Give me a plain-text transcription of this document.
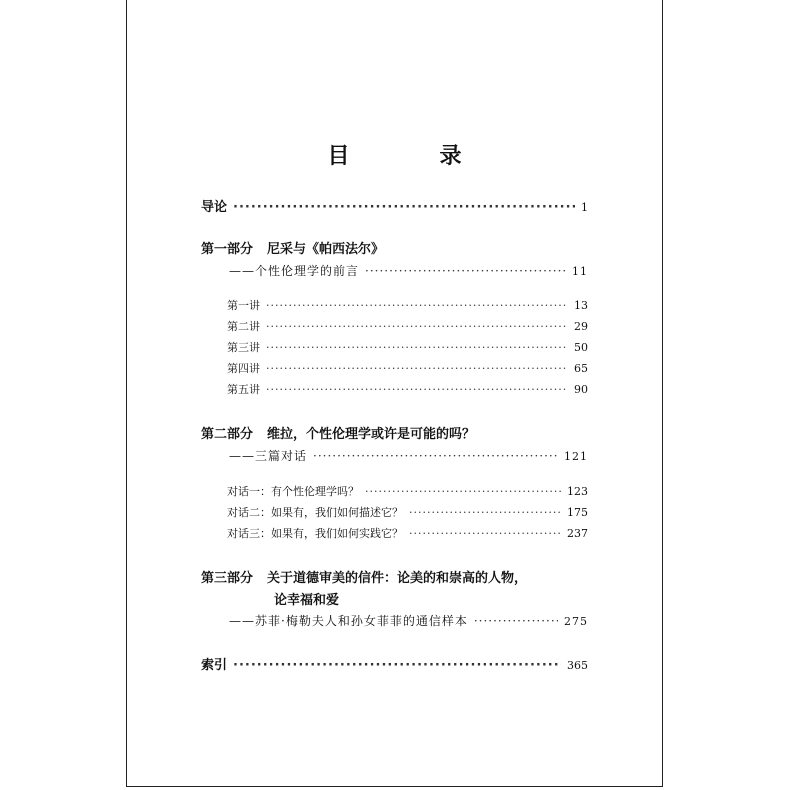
目　录
导论 ·····	1
第一部分 尼采与《帕西法尔》
——个性伦理学的前言 ·····	11
第一讲 ·····	13
第二讲 ·····	29
第三讲 ·····	50
第四讲 ·····	65
第五讲 ·····	90
第二部分 维拉，个性伦理学或许是可能的吗？
——三篇对话 ·····	121
对话一：有个性伦理学吗？ ·····	123
对话二：如果有，我们如何描述它？ ·····	175
对话三：如果有，我们如何实践它？ ·····	237
第三部分 关于道德审美的信件：论美的和崇高的人物，
论幸福和爱
——苏菲·梅勒夫人和孙女菲菲的通信样本 ·····	275
索引 ·····	365
